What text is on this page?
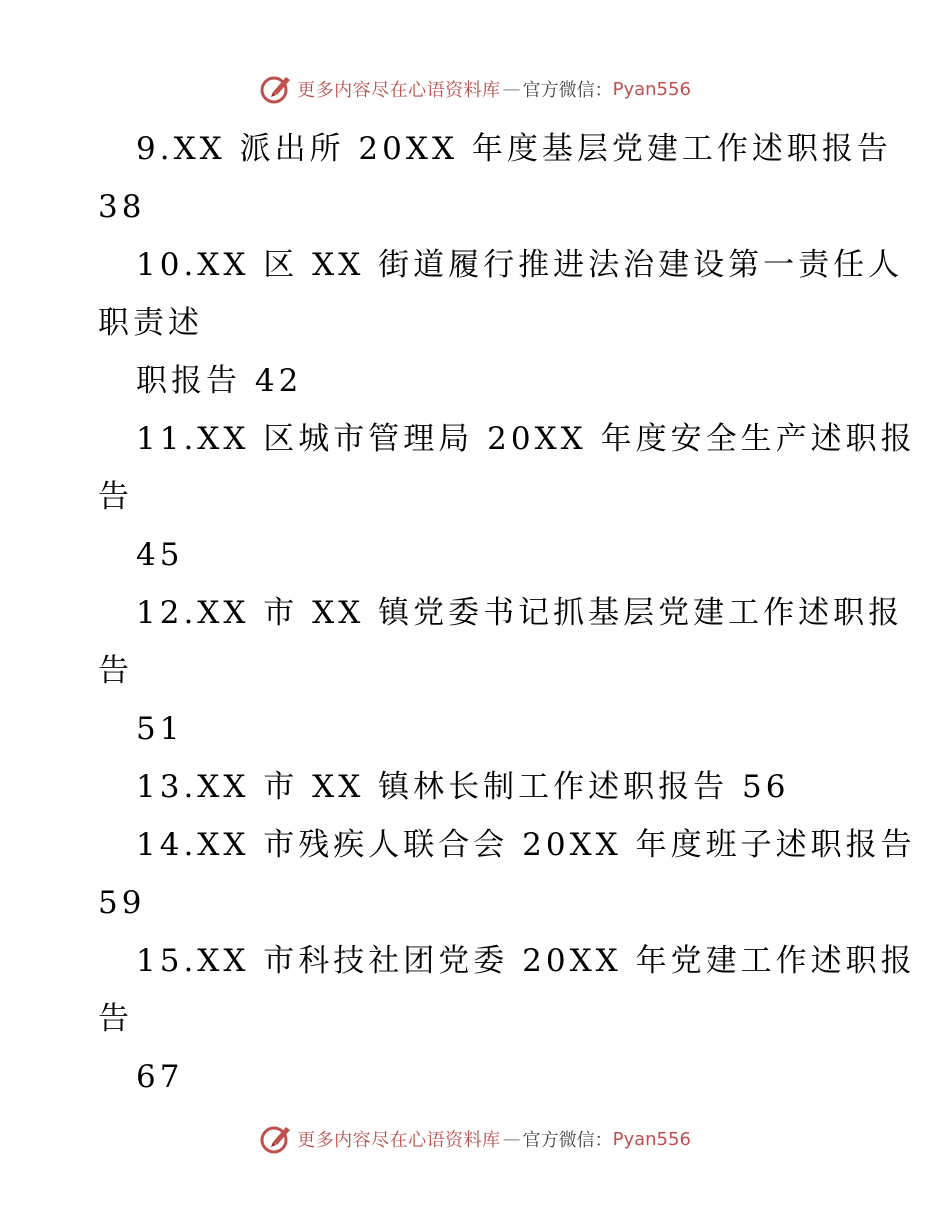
更多内容尽在心语资料库 — 官方微信： Pyan556
9.XX 派出所 20XX 年度基层党建工作述职报告
38
10.XX 区 XX 街道履行推进法治建设第一责任人
职责述
职报告 42
11.XX 区城市管理局 20XX 年度安全生产述职报
告
45
12.XX 市 XX 镇党委书记抓基层党建工作述职报
告
51
13.XX 市 XX 镇林长制工作述职报告 56
14.XX 市残疾人联合会 20XX 年度班子述职报告
59
15.XX 市科技社团党委 20XX 年党建工作述职报
告
67
更多内容尽在心语资料库 — 官方微信： Pyan556
